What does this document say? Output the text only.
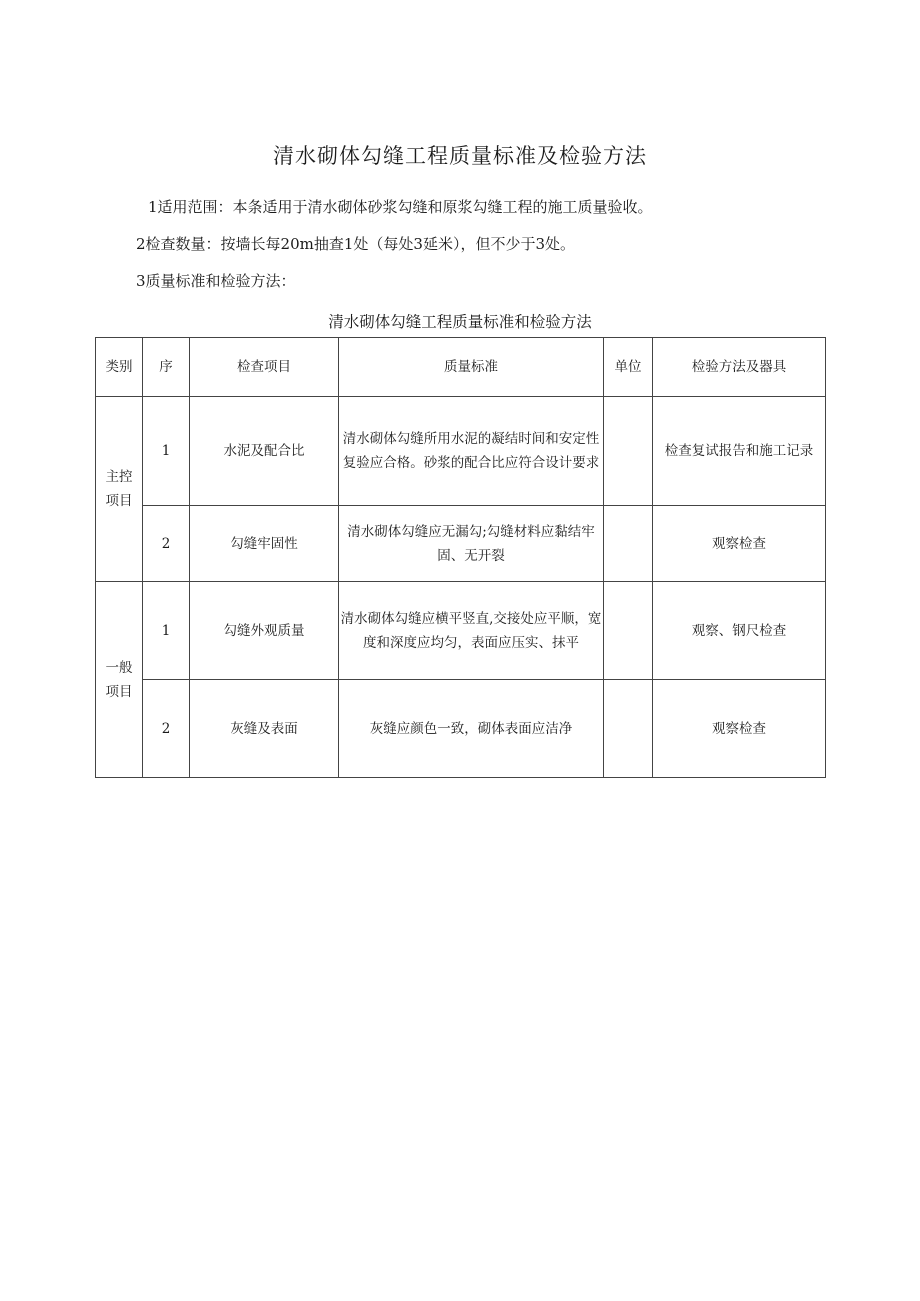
清水砌体勾缝工程质量标准及检验方法

1适用范围：本条适用于清水砌体砂浆勾缝和原浆勾缝工程的施工质量验收。

2检查数量：按墙长每20m抽查1处（每处3延米），但不少于3处。

3质量标准和检验方法：

清水砌体勾缝工程质量标准和检验方法

类别	序	检查项目	质量标准	单位	检验方法及器具
主控
项目	1	水泥及配合比	清水砌体勾缝所用水泥的凝结时间和安定性复验应合格。砂浆的配合比应符合设计要求		检查复试报告和施工记录
	2	勾缝牢固性	清水砌体勾缝应无漏勾;勾缝材料应黏结牢固、无开裂		观察检查
一般
项目	1	勾缝外观质量	清水砌体勾缝应横平竖直,交接处应平顺，宽度和深度应均匀，表面应压实、抹平		观察、钢尺检查
	2	灰缝及表面	灰缝应颜色一致，砌体表面应洁净		观察检查
